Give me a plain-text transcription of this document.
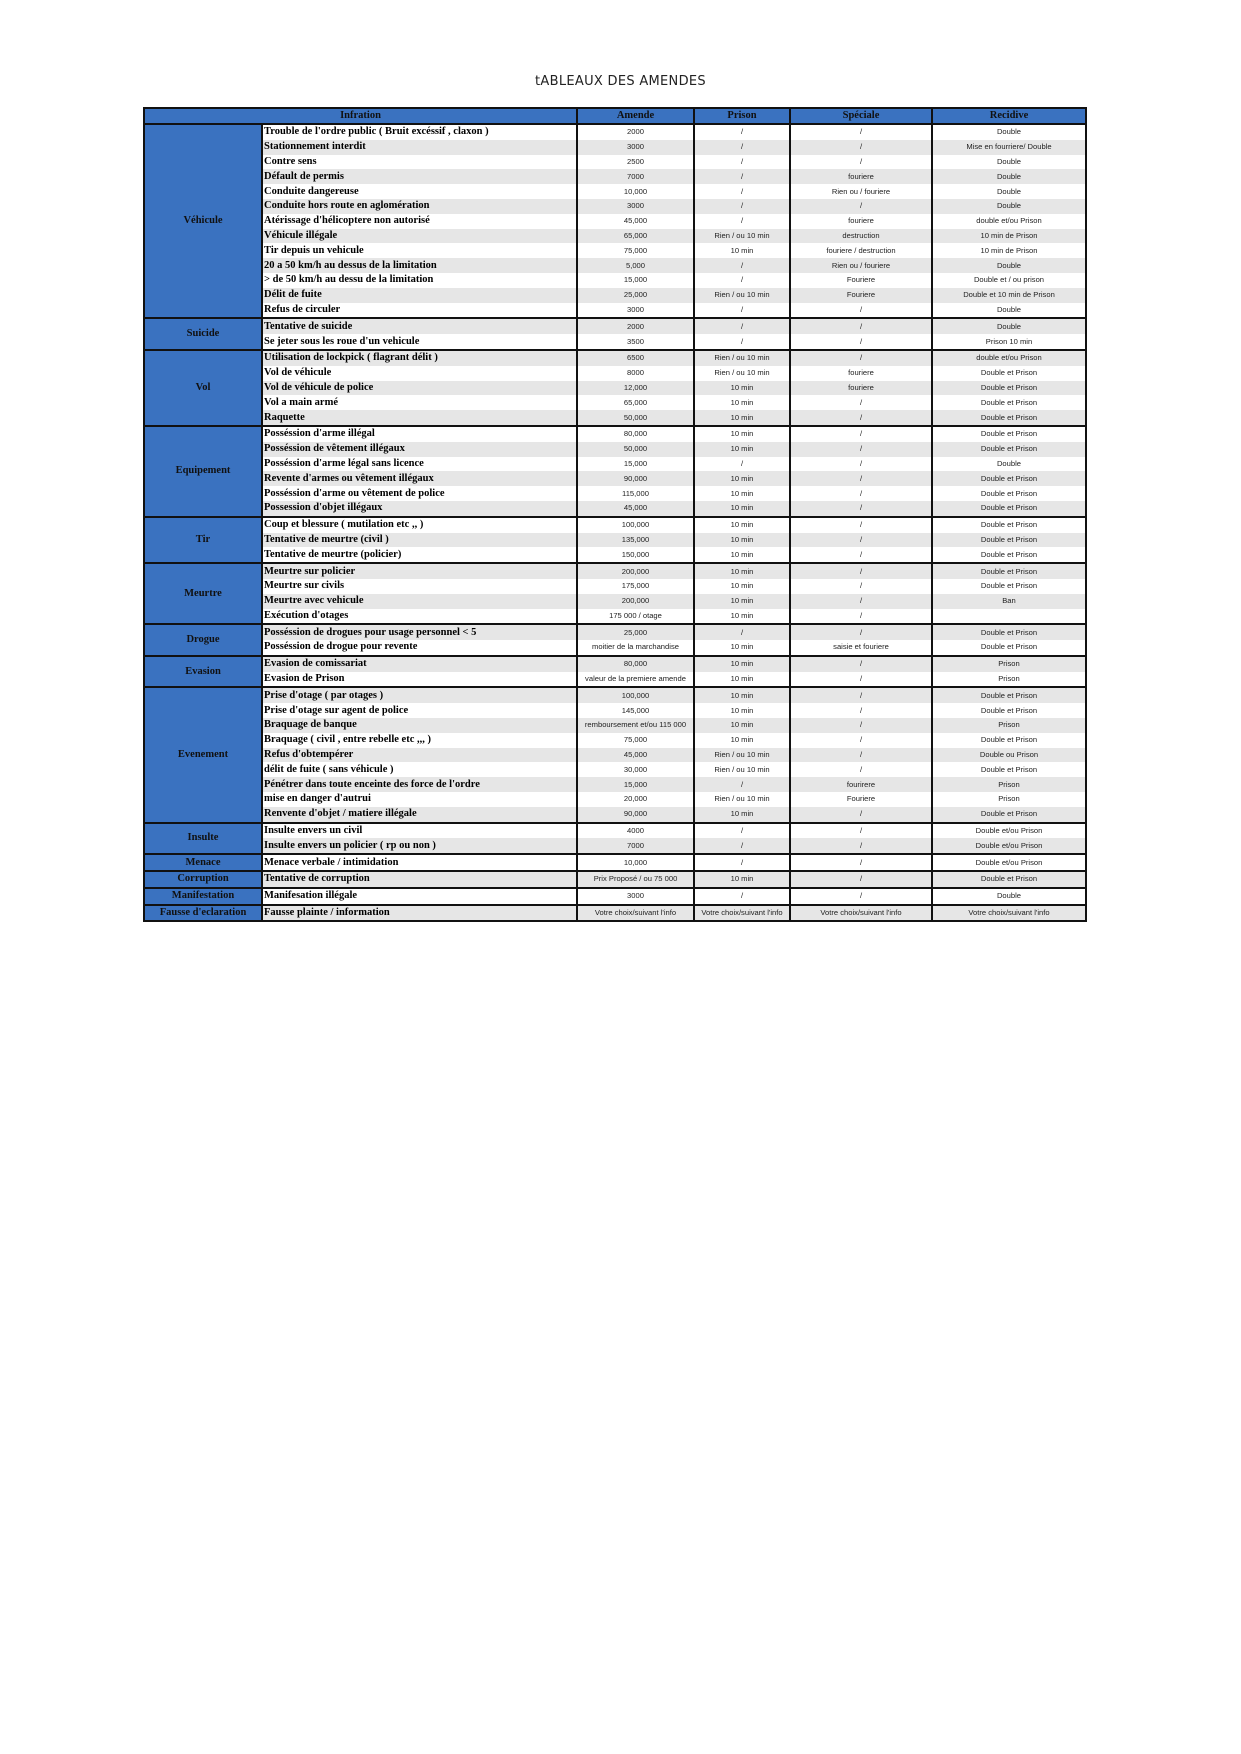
tABLEAUX DES AMENDES
Infration		Amende	Prison	Spéciale	Recidive
Véhicule	Trouble de l'ordre public ( Bruit excéssif , claxon )	2000	/	/	Double
	Stationnement interdit	3000	/	/	Mise en fourriere/ Double
	Contre sens	2500	/	/	Double
	Défault de permis	7000	/	fouriere	Double
	Conduite dangereuse	10,000	/	Rien ou / fouriere	Double
	Conduite hors route en aglomération	3000	/	/	Double
	Atérissage d'hélicoptere non autorisé	45,000	/	fouriere	double et/ou Prison
	Véhicule illégale	65,000	Rien / ou 10 min	destruction	10 min de Prison
	Tir depuis un vehicule	75,000	10 min	fouriere / destruction	10 min de Prison
	20 a 50 km/h au dessus de la limitation	5,000	/	Rien ou / fouriere	Double
	> de 50 km/h au dessu de la limitation	15,000	/	Fouriere	Double et / ou prison
	Délit de fuite	25,000	Rien / ou 10 min	Fouriere	Double et 10 min de Prison
	Refus de circuler	3000	/	/	Double
Suicide	Tentative de suicide	2000	/	/	Double
	Se jeter sous les roue d'un vehicule	3500	/	/	Prison 10 min
Vol	Utilisation de lockpick ( flagrant délit )	6500	Rien / ou 10 min	/	double et/ou Prison
	Vol de véhicule	8000	Rien / ou 10 min	fouriere	Double et Prison
	Vol de véhicule de police	12,000	10 min	fouriere	Double et Prison
	Vol a main armé	65,000	10 min	/	Double et Prison
	Raquette	50,000	10 min	/	Double et Prison
Equipement	Posséssion d'arme illégal	80,000	10 min	/	Double et Prison
	Posséssion de vêtement illégaux	50,000	10 min	/	Double et Prison
	Posséssion d'arme légal sans licence	15,000	/	/	Double
	Revente d'armes ou vêtement illégaux	90,000	10 min	/	Double et Prison
	Posséssion d'arme ou vêtement de police	115,000	10 min	/	Double et Prison
	Possession d'objet illégaux	45,000	10 min	/	Double et Prison
Tir	Coup et blessure ( mutilation etc ,, )	100,000	10 min	/	Double et Prison
	Tentative de meurtre (civil )	135,000	10 min	/	Double et Prison
	Tentative de meurtre (policier)	150,000	10 min	/	Double et Prison
Meurtre	Meurtre sur policier	200,000	10 min	/	Double et Prison
	Meurtre sur civils	175,000	10 min	/	Double et Prison
	Meurtre avec vehicule	200,000	10 min	/	Ban
	Exécution d'otages	175 000 / otage	10 min	/	
Drogue	Posséssion de drogues pour usage personnel < 5	25,000	/	/	Double et Prison
	Posséssion de drogue pour revente	moitier de la marchandise	10 min	saisie et fouriere	Double et Prison
Evasion	Evasion de comissariat	80,000	10 min	/	Prison
	Evasion de Prison	valeur de la premiere amende	10 min	/	Prison
Evenement	Prise d'otage ( par otages )	100,000	10 min	/	Double et Prison
	Prise d'otage sur agent de police	145,000	10 min	/	Double et Prison
	Braquage de banque	remboursement et/ou 115 000	10 min	/	Prison
	Braquage ( civil , entre rebelle etc ,,, )	75,000	10 min	/	Double et Prison
	Refus d'obtempérer	45,000	Rien / ou 10 min	/	Double ou Prison
	délit de fuite ( sans véhicule )	30,000	Rien / ou 10 min	/	Double et Prison
	Pénétrer dans toute enceinte des force de l'ordre	15,000	/	fourirere	Prison
	mise en danger d'autrui	20,000	Rien / ou 10 min	Fouriere	Prison
	Renvente d'objet / matiere illégale	90,000	10 min	/	Double et Prison
Insulte	Insulte envers un civil	4000	/	/	Double et/ou Prison
	Insulte envers un policier ( rp ou non )	7000	/	/	Double et/ou Prison
Menace	Menace verbale / intimidation	10,000	/	/	Double et/ou Prison
Corruption	Tentative de corruption	Prix Proposé / ou 75 000	10 min	/	Double et Prison
Manifestation	Manifesation illégale	3000	/	/	Double
Fausse d'eclaration	Fausse plainte / information	Votre choix/suivant l'info	Votre choix/suivant l'info	Votre choix/suivant l'info	Votre choix/suivant l'info
